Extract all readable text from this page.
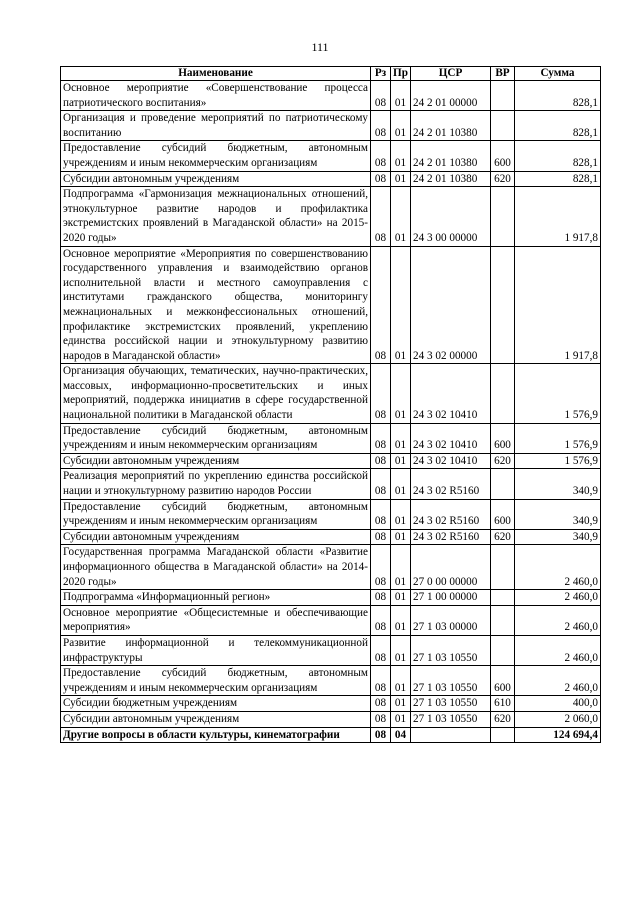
111
Наименование	Рз	Пр	ЦСР	ВР	Сумма
Основное мероприятие «Совершенствование процесса патриотического воспитания»	08	01	24 2 01 00000		828,1
Организация и проведение мероприятий по патриотическому воспитанию	08	01	24 2 01 10380		828,1
Предоставление субсидий бюджетным, автономным учреждениям и иным некоммерческим организациям	08	01	24 2 01 10380	600	828,1
Субсидии автономным учреждениям	08	01	24 2 01 10380	620	828,1
Подпрограмма «Гармонизация межнациональных отношений, этнокультурное развитие народов и профилактика экстремистских проявлений в Магаданской области» на 2015-2020 годы»	08	01	24 3 00 00000		1 917,8
Основное мероприятие «Мероприятия по совершенствованию государственного управления и взаимодействию органов исполнительной власти и местного самоуправления с институтами гражданского общества, мониторингу межнациональных и межконфессиональных отношений, профилактике экстремистских проявлений, укреплению единства российской нации и этнокультурному развитию народов в Магаданской области»	08	01	24 3 02 00000		1 917,8
Организация обучающих, тематических, научно-практических, массовых, информационно-просветительских и иных мероприятий, поддержка инициатив в сфере государственной национальной политики в Магаданской области	08	01	24 3 02 10410		1 576,9
Предоставление субсидий бюджетным, автономным учреждениям и иным некоммерческим организациям	08	01	24 3 02 10410	600	1 576,9
Субсидии автономным учреждениям	08	01	24 3 02 10410	620	1 576,9
Реализация мероприятий по укреплению единства российской нации и этнокультурному развитию народов России	08	01	24 3 02 R5160		340,9
Предоставление субсидий бюджетным, автономным учреждениям и иным некоммерческим организациям	08	01	24 3 02 R5160	600	340,9
Субсидии автономным учреждениям	08	01	24 3 02 R5160	620	340,9
Государственная программа Магаданской области «Развитие информационного общества в Магаданской области» на 2014-2020 годы»	08	01	27 0 00 00000		2 460,0
Подпрограмма «Информационный регион»	08	01	27 1 00 00000		2 460,0
Основное мероприятие «Общесистемные и обеспечивающие мероприятия»	08	01	27 1 03 00000		2 460,0
Развитие информационной и телекоммуникационной инфраструктуры	08	01	27 1 03 10550		2 460,0
Предоставление субсидий бюджетным, автономным учреждениям и иным некоммерческим организациям	08	01	27 1 03 10550	600	2 460,0
Субсидии бюджетным учреждениям	08	01	27 1 03 10550	610	400,0
Субсидии автономным учреждениям	08	01	27 1 03 10550	620	2 060,0
Другие вопросы в области культуры, кинематографии	08	04			124 694,4
